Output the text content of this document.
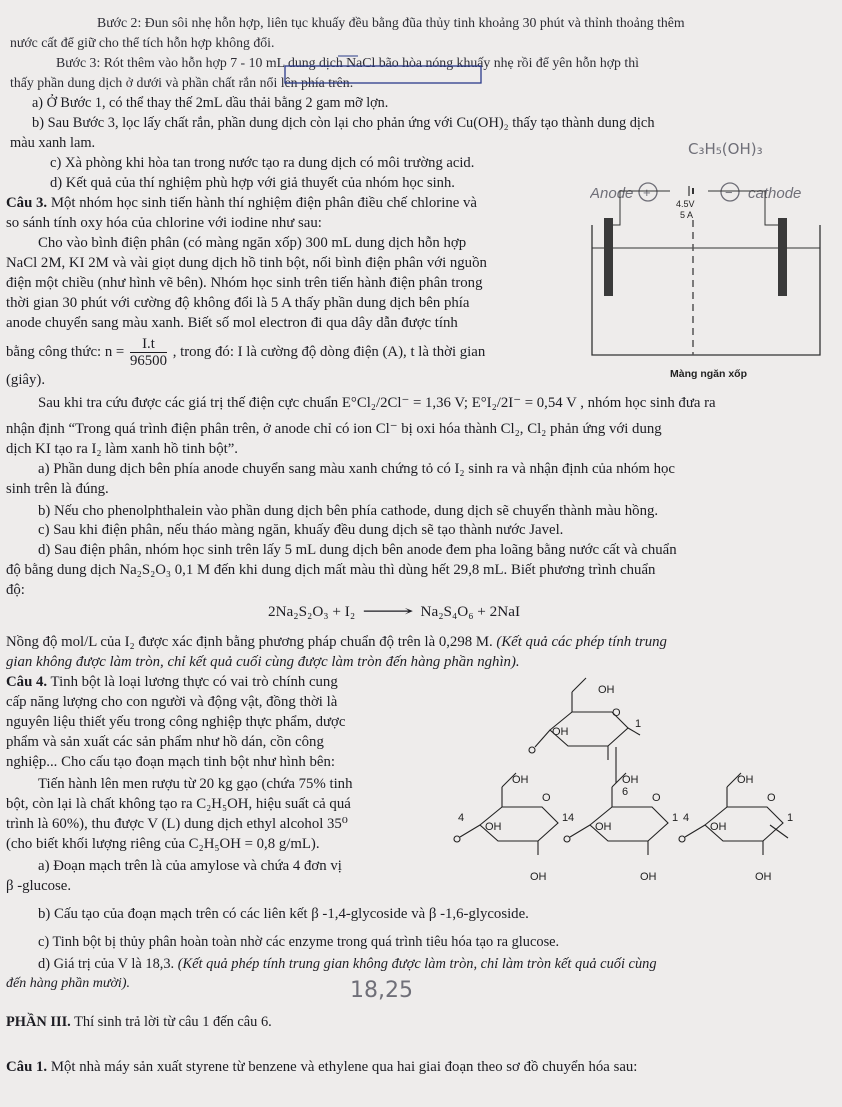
Bước 2: Đun sôi nhẹ hỗn hợp, liên tục khuấy đều bằng đũa thủy tinh khoảng 30 phút và thỉnh thoảng thêm
nước cất để giữ cho thể tích hỗn hợp không đổi.
Bước 3: Rót thêm vào hỗn hợp 7 - 10 mL dung dịch NaCl bão hòa nóng khuấy nhẹ rồi để yên hỗn hợp thì
thấy phần dung dịch ở dưới và phần chất rắn nổi lên phía trên.
a) Ở Bước 1, có thể thay thế 2mL dầu thải bằng 2 gam mỡ lợn.
b) Sau Bước 3, lọc lấy chất rắn, phần dung dịch còn lại cho phản ứng với Cu(OH)₂ thấy tạo thành dung dịch
màu xanh lam.
c) Xà phòng khi hòa tan trong nước tạo ra dung dịch có môi trường acid.
d) Kết quả của thí nghiệm phù hợp với giả thuyết của nhóm học sinh.
Câu 3. Một nhóm học sinh tiến hành thí nghiệm điện phân điều chế chlorine và
so sánh tính oxy hóa của chlorine với iodine như sau:
Cho vào bình điện phân (có màng ngăn xốp) 300 mL dung dịch hỗn hợp
NaCl 2M, KI 2M và vài giọt dung dịch hồ tinh bột, nối bình điện phân với nguồn
điện một chiều (như hình vẽ bên). Nhóm học sinh trên tiến hành điện phân trong
thời gian 30 phút với cường độ không đổi là 5 A thấy phần dung dịch bên phía
anode chuyển sang màu xanh. Biết số mol electron đi qua dây dẫn được tính
(giây).
Sau khi tra cứu được các giá trị thế điện cực chuẩn E°Cl₂/2Cl⁻ = 1,36 V; E°I₂/2I⁻ = 0,54 V , nhóm học sinh đưa ra
nhận định “Trong quá trình điện phân trên, ở anode chỉ có ion Cl⁻ bị oxi hóa thành Cl₂, Cl₂ phản ứng với dung
dịch KI tạo ra I₂ làm xanh hồ tinh bột”.
a) Phần dung dịch bên phía anode chuyển sang màu xanh chứng tỏ có I₂ sinh ra và nhận định của nhóm học
sinh trên là đúng.
b) Nếu cho phenolphthalein vào phần dung dịch bên phía cathode, dung dịch sẽ chuyển thành màu hồng.
c) Sau khi điện phân, nếu tháo màng ngăn, khuấy đều dung dịch sẽ tạo thành nước Javel.
d) Sau điện phân, nhóm học sinh trên lấy 5 mL dung dịch bên anode đem pha loãng bằng nước cất và chuẩn
độ bằng dung dịch Na₂S₂O₃ 0,1 M đến khi dung dịch mất màu thì dùng hết 29,8 mL. Biết phương trình chuẩn
độ:
Nồng độ mol/L của I₂ được xác định bằng phương pháp chuẩn độ trên là 0,298 M. (Kết quả các phép tính trung
gian không được làm tròn, chỉ kết quả cuối cùng được làm tròn đến hàng phần nghìn).
Câu 4. Tinh bột là loại lương thực có vai trò chính cung
cấp năng lượng cho con người và động vật, đồng thời là
nguyên liệu thiết yếu trong công nghiệp thực phẩm, dược
phẩm và sản xuất các sản phẩm như hồ dán, cồn công
nghiệp... Cho cấu tạo đoạn mạch tinh bột như hình bên:
Tiến hành lên men rượu từ 20 kg gạo (chứa 75% tinh
bột, còn lại là chất không tạo ra C₂H₅OH, hiệu suất cả quá
trình là 60%), thu được V (L) dung dịch ethyl alcohol 35⁰
(cho biết khối lượng riêng của C₂H₅OH = 0,8 g/mL).
a) Đoạn mạch trên là của amylose và chứa 4 đơn vị
β -glucose.
b) Cấu tạo của đoạn mạch trên có các liên kết β -1,4-glycoside và β -1,6-glycoside.
c) Tinh bột bị thủy phân hoàn toàn nhờ các enzyme trong quá trình tiêu hóa tạo ra glucose.
d) Giá trị của V là 18,3. (Kết quả phép tính trung gian không được làm tròn, chỉ làm tròn kết quả cuối cùng
đến hàng phần mười).
PHẦN III. Thí sinh trả lời từ câu 1 đến câu 6.
Câu 1. Một nhà máy sản xuất styrene từ benzene và ethylene qua hai giai đoạn theo sơ đồ chuyển hóa sau:
bằng công thức: $n = \frac{I.t}{96500}$ , trong đó: I là cường độ dòng điện (A), t là thời gian
2Na₂S₂O₃ + I₂ ⟶ Na₂S₄O₆ + 2NaI
Anode +	− cathode
4.5V
5 A
Màng ngăn xốp
OH
O
1
OH
OH
O
1
4
OH
OH
OH
O
1
4
OH
OH
OH
O
1
4
OH
OH
6
C₃H₅(OH)₃
18,25
